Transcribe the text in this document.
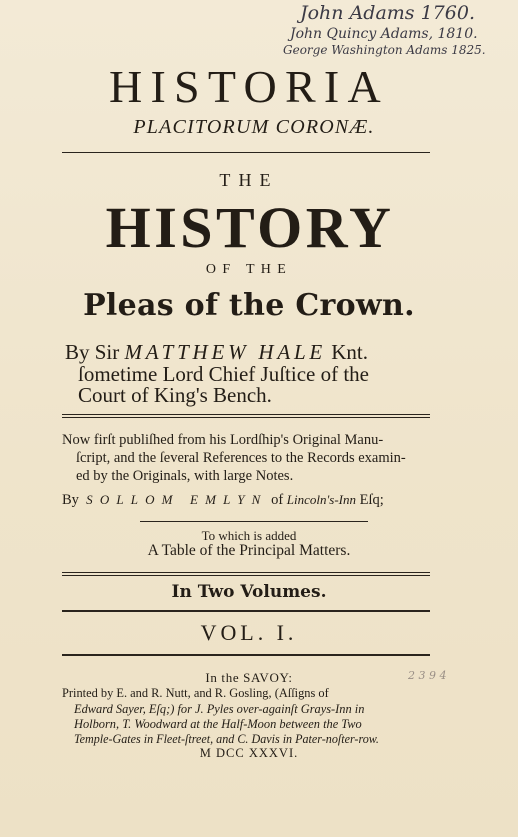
John Adams 1760.
John Quincy Adams, 1810.
George Washington Adams 1825.
HISTORIA
PLACITORUM CORONÆ.
THE
HISTORY
OF THE
Pleas of the Crown.
By Sir MATTHEW HALE Knt.
ſometime Lord Chief Juſtice of the
Court of King's Bench.
Now firſt publiſhed from his Lordſhip's Original Manu-
ſcript, and the ſeveral References to the Records examin-
ed by the Originals, with large Notes.
By SOLLOM EMLYN of Lincoln's-Inn Eſq;
To which is added
A Table of the Principal Matters.
In Two Volumes.
VOL. I.
In the SAVOY:	2 3 9 4
Printed by E. and R. Nutt, and R. Gosling, (Aſſigns of
Edward Sayer, Eſq;) for J. Pyles over-againſt Grays-Inn in
Holborn, T. Woodward at the Half-Moon between the Two
Temple-Gates in Fleet-ſtreet, and C. Davis in Pater-noſter-row.
M DCC XXXVI.
